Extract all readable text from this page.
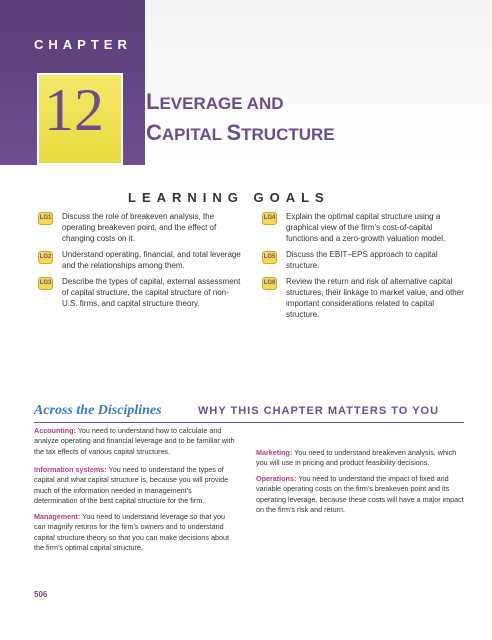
CHAPTER
12 LEVERAGE AND
CAPITAL STRUCTURE
LEARNING GOALS
LG1 Discuss the role of breakeven analysis, the operating breakeven point, and the effect of changing costs on it.
LG2 Understand operating, financial, and total leverage and the relationships among them.
LG3 Describe the types of capital, external assessment of capital structure, the capital structure of non-U.S. firms, and capital structure theory.
LG4 Explain the optimal capital structure using a graphical view of the firm’s cost-of-capital functions and a zero-growth valuation model.
LG5 Discuss the EBIT–EPS approach to capital structure.
LG6 Review the return and risk of alternative capital structures, their linkage to market value, and other important considerations related to capital structure.
Across the Disciplines	WHY THIS CHAPTER MATTERS TO YOU
Accounting: You need to understand how to calculate and analyze operating and financial leverage and to be familiar with the tax effects of various capital structures.
Information systems: You need to understand the types of capital and what capital structure is, because you will provide much of the information needed in management’s determination of the best capital structure for the firm.
Management: You need to understand leverage so that you can magnify returns for the firm’s owners and to understand capital structure theory so that you can make decisions about the firm’s optimal capital structure.
Marketing: You need to understand breakeven analysis, which you will use in pricing and product feasibility decisions.
Operations: You need to understand the impact of fixed and variable operating costs on the firm’s breakeven point and its operating leverage, because these costs will have a major impact on the firm’s risk and return.
506
